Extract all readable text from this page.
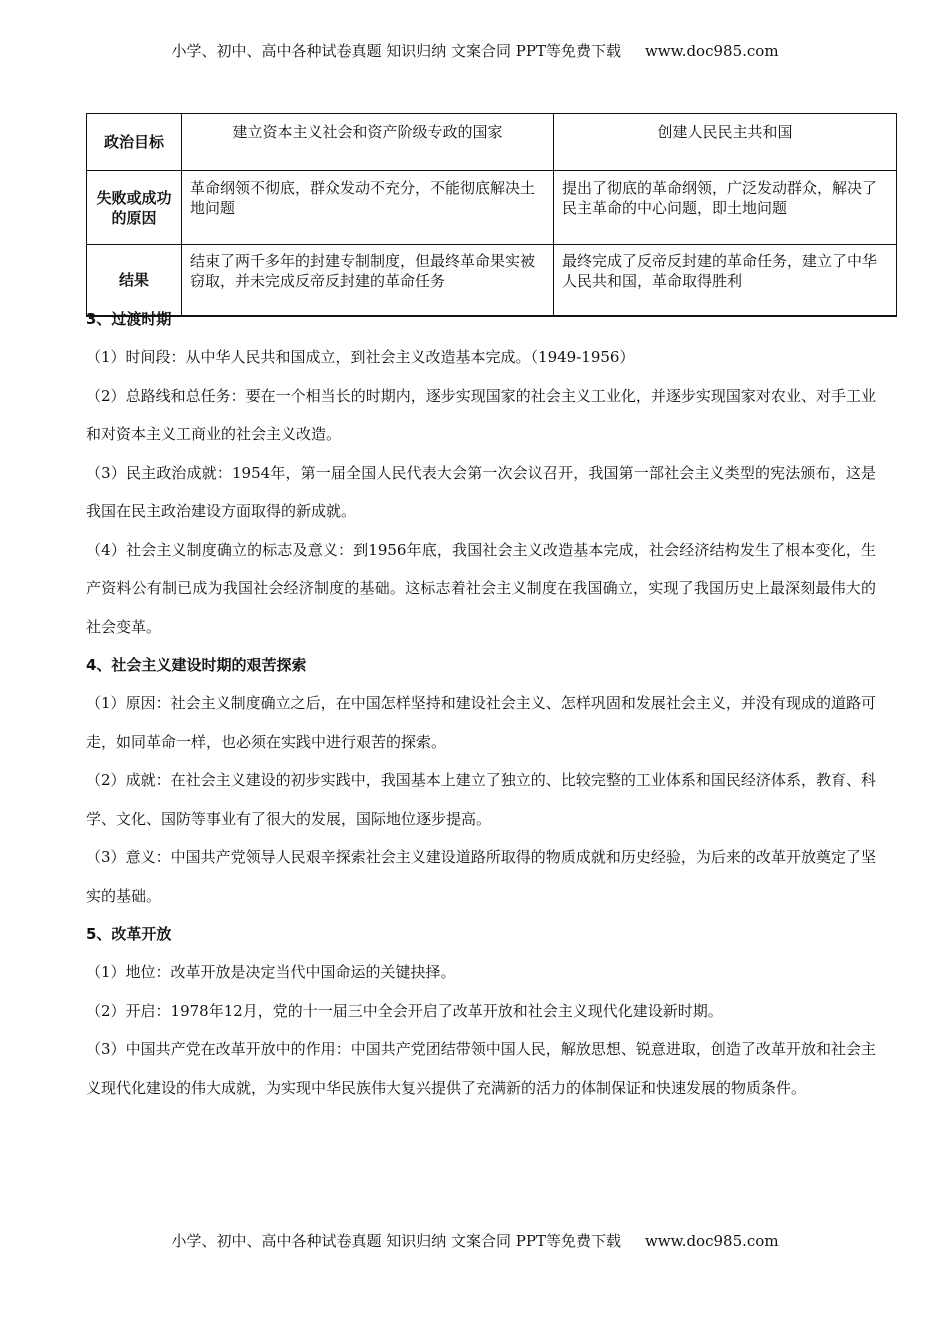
小学、初中、高中各种试卷真题 知识归纳 文案合同 PPT等免费下载 www.doc985.com
政治目标	建立资本主义社会和资产阶级专政的国家	创建人民民主共和国
失败或成功的原因	革命纲领不彻底，群众发动不充分，不能彻底解决土地问题	提出了彻底的革命纲领，广泛发动群众，解决了民主革命的中心问题，即土地问题
结果	结束了两千多年的封建专制制度，但最终革命果实被窃取，并未完成反帝反封建的革命任务	最终完成了反帝反封建的革命任务，建立了中华人民共和国，革命取得胜利

3、过渡时期

（1）时间段：从中华人民共和国成立，到社会主义改造基本完成。（1949-1956）

（2）总路线和总任务：要在一个相当长的时期内，逐步实现国家的社会主义工业化，并逐步实现国家对农业、对手工业和对资本主义工商业的社会主义改造。

（3）民主政治成就：1954年，第一届全国人民代表大会第一次会议召开，我国第一部社会主义类型的宪法颁布，这是我国在民主政治建设方面取得的新成就。

（4）社会主义制度确立的标志及意义：到1956年底，我国社会主义改造基本完成，社会经济结构发生了根本变化，生产资料公有制已成为我国社会经济制度的基础。这标志着社会主义制度在我国确立，实现了我国历史上最深刻最伟大的社会变革。

4、社会主义建设时期的艰苦探索

（1）原因：社会主义制度确立之后，在中国怎样坚持和建设社会主义、怎样巩固和发展社会主义，并没有现成的道路可走，如同革命一样，也必须在实践中进行艰苦的探索。

（2）成就：在社会主义建设的初步实践中，我国基本上建立了独立的、比较完整的工业体系和国民经济体系，教育、科学、文化、国防等事业有了很大的发展，国际地位逐步提高。

（3）意义：中国共产党领导人民艰辛探索社会主义建设道路所取得的物质成就和历史经验，为后来的改革开放奠定了坚实的基础。

5、改革开放

（1）地位：改革开放是决定当代中国命运的关键抉择。

（2）开启：1978年12月，党的十一届三中全会开启了改革开放和社会主义现代化建设新时期。

（3）中国共产党在改革开放中的作用：中国共产党团结带领中国人民，解放思想、锐意进取，创造了改革开放和社会主义现代化建设的伟大成就，为实现中华民族伟大复兴提供了充满新的活力的体制保证和快速发展的物质条件。

小学、初中、高中各种试卷真题 知识归纳 文案合同 PPT等免费下载 www.doc985.com
